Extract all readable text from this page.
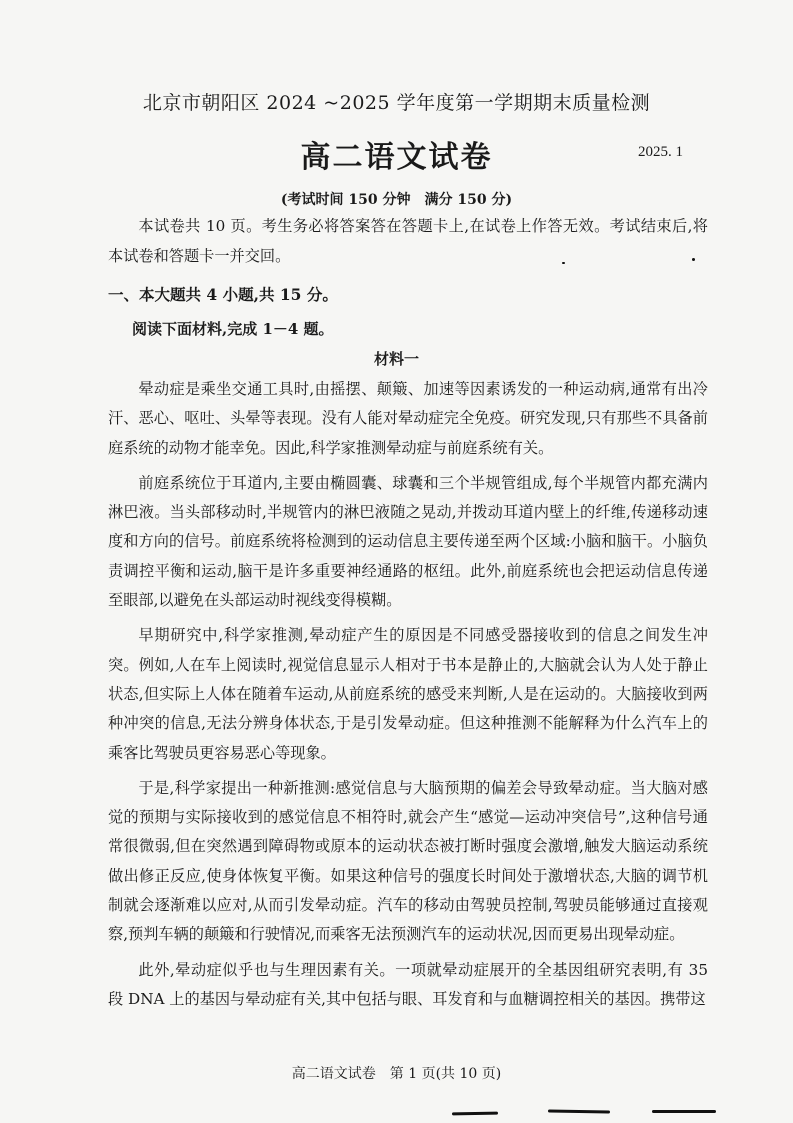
北京市朝阳区 2024 ~2025 学年度第一学期期末质量检测
高二语文试卷	2025. 1
(考试时间 150 分钟　满分 150 分)

本试卷共 10 页。考生务必将答案答在答题卡上,在试卷上作答无效。考试结束后,将本试卷和答题卡一并交回。

一、本大题共 4 小题,共 15 分。
阅读下面材料,完成 1－4 题。
材料一

晕动症是乘坐交通工具时,由摇摆、颠簸、加速等因素诱发的一种运动病,通常有出冷汗、恶心、呕吐、头晕等表现。没有人能对晕动症完全免疫。研究发现,只有那些不具备前庭系统的动物才能幸免。因此,科学家推测晕动症与前庭系统有关。

前庭系统位于耳道内,主要由椭圆囊、球囊和三个半规管组成,每个半规管内都充满内淋巴液。当头部移动时,半规管内的淋巴液随之晃动,并拨动耳道内壁上的纤维,传递移动速度和方向的信号。前庭系统将检测到的运动信息主要传递至两个区域:小脑和脑干。小脑负责调控平衡和运动,脑干是许多重要神经通路的枢纽。此外,前庭系统也会把运动信息传递至眼部,以避免在头部运动时视线变得模糊。

早期研究中,科学家推测,晕动症产生的原因是不同感受器接收到的信息之间发生冲突。例如,人在车上阅读时,视觉信息显示人相对于书本是静止的,大脑就会认为人处于静止状态,但实际上人体在随着车运动,从前庭系统的感受来判断,人是在运动的。大脑接收到两种冲突的信息,无法分辨身体状态,于是引发晕动症。但这种推测不能解释为什么汽车上的乘客比驾驶员更容易恶心等现象。

于是,科学家提出一种新推测:感觉信息与大脑预期的偏差会导致晕动症。当大脑对感觉的预期与实际接收到的感觉信息不相符时,就会产生“感觉—运动冲突信号”,这种信号通常很微弱,但在突然遇到障碍物或原本的运动状态被打断时强度会激增,触发大脑运动系统做出修正反应,使身体恢复平衡。如果这种信号的强度长时间处于激增状态,大脑的调节机制就会逐渐难以应对,从而引发晕动症。汽车的移动由驾驶员控制,驾驶员能够通过直接观察,预判车辆的颠簸和行驶情况,而乘客无法预测汽车的运动状况,因而更易出现晕动症。

此外,晕动症似乎也与生理因素有关。一项就晕动症展开的全基因组研究表明,有 35 段 DNA 上的基因与晕动症有关,其中包括与眼、耳发育和与血糖调控相关的基因。携带这

高二语文试卷　第 1 页(共 10 页)
